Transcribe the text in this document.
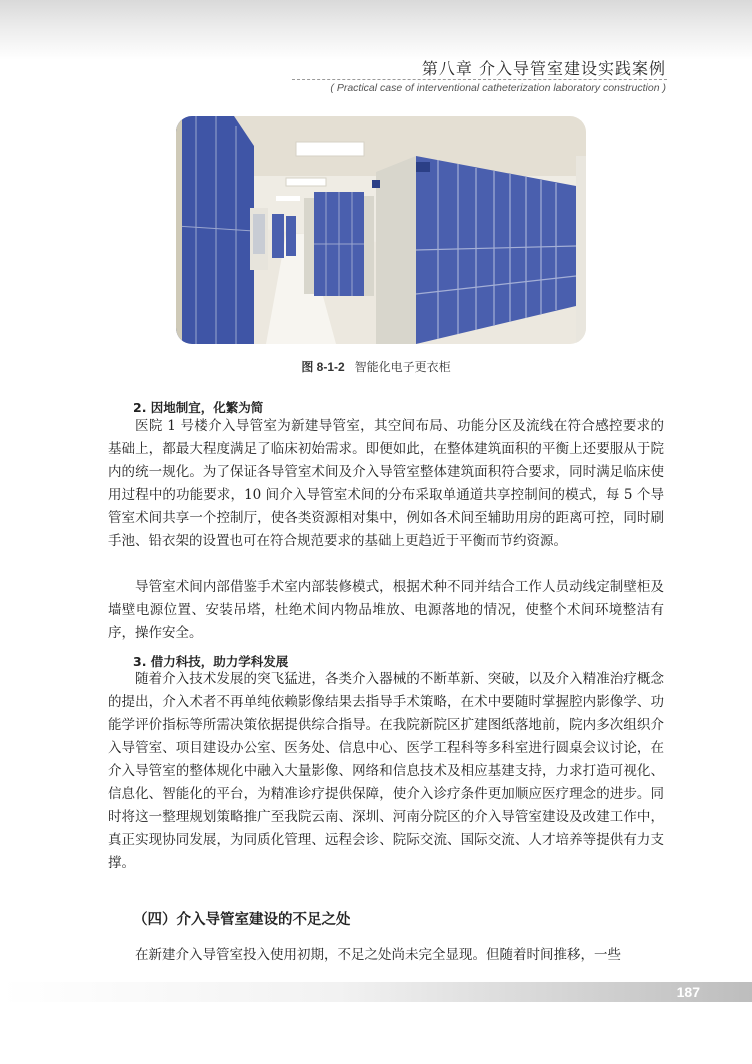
第八章 介入导管室建设实践案例
( Practical case of interventional catheterization laboratory construction )
图 8-1-2 智能化电子更衣柜
2. 因地制宜，化繁为简

医院 1 号楼介入导管室为新建导管室，其空间布局、功能分区及流线在符合感控要求的基础上，都最大程度满足了临床初始需求。即便如此，在整体建筑面积的平衡上还要服从于院内的统一规化。为了保证各导管室术间及介入导管室整体建筑面积符合要求，同时满足临床使用过程中的功能要求，10 间介入导管室术间的分布采取单通道共享控制间的模式，每 5 个导管室术间共享一个控制厅，使各类资源相对集中，例如各术间至辅助用房的距离可控，同时刷手池、铅衣架的设置也可在符合规范要求的基础上更趋近于平衡而节约资源。

导管室术间内部借鉴手术室内部装修模式，根据术种不同并结合工作人员动线定制壁柜及墙壁电源位置、安装吊塔，杜绝术间内物品堆放、电源落地的情况，使整个术间环境整洁有序，操作安全。

3. 借力科技，助力学科发展

随着介入技术发展的突飞猛进，各类介入器械的不断革新、突破，以及介入精准治疗概念的提出，介入术者不再单纯依赖影像结果去指导手术策略，在术中要随时掌握腔内影像学、功能学评价指标等所需决策依据提供综合指导。在我院新院区扩建图纸落地前，院内多次组织介入导管室、项目建设办公室、医务处、信息中心、医学工程科等多科室进行圆桌会议讨论，在介入导管室的整体规化中融入大量影像、网络和信息技术及相应基建支持，力求打造可视化、信息化、智能化的平台，为精准诊疗提供保障，使介入诊疗条件更加顺应医疗理念的进步。同时将这一整理规划策略推广至我院云南、深圳、河南分院区的介入导管室建设及改建工作中，真正实现协同发展，为同质化管理、远程会诊、院际交流、国际交流、人才培养等提供有力支撑。

（四）介入导管室建设的不足之处

在新建介入导管室投入使用初期，不足之处尚未完全显现。但随着时间推移，一些

187
